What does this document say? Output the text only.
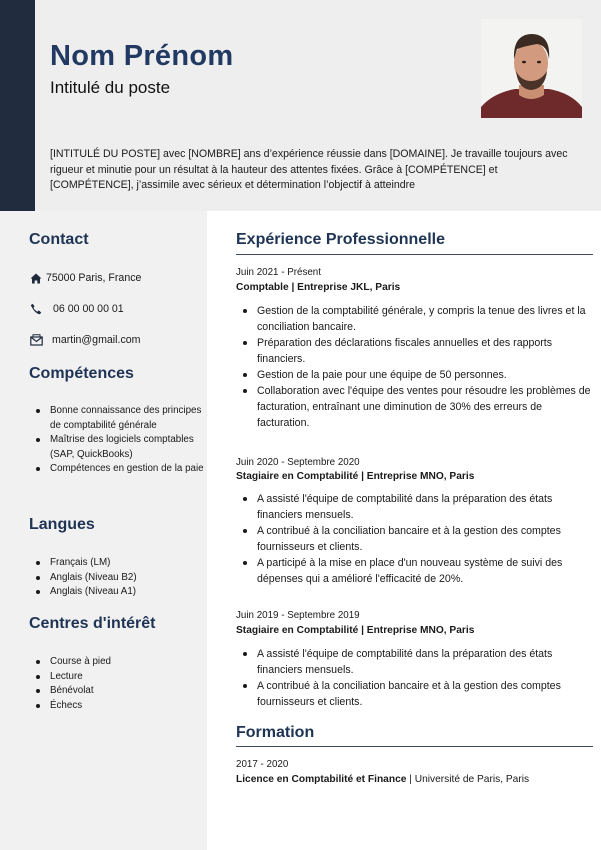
Nom Prénom
Intitulé du poste
[INTITULÉ DU POSTE] avec [NOMBRE] ans d’expérience réussie dans [DOMAINE]. Je travaille toujours avec rigueur et minutie pour un résultat à la hauteur des attentes fixées. Grâce à [COMPÉTENCE] et [COMPÉTENCE], j’assimile avec sérieux et détermination l’objectif à atteindre
Contact
75000 Paris, France
06 00 00 00 01
martin@gmail.com
Compétences
Bonne connaissance des principes de comptabilité générale
Maîtrise des logiciels comptables (SAP, QuickBooks)
Compétences en gestion de la paie
Langues
Français (LM)
Anglais (Niveau B2)
Anglais (Niveau A1)
Centres d'intérêt
Course à pied
Lecture
Bénévolat
Échecs
Expérience Professionnelle
Juin 2021 - Présent
Comptable | Entreprise JKL, Paris
Gestion de la comptabilité générale, y compris la tenue des livres et la conciliation bancaire.
Préparation des déclarations fiscales annuelles et des rapports financiers.
Gestion de la paie pour une équipe de 50 personnes.
Collaboration avec l'équipe des ventes pour résoudre les problèmes de facturation, entraînant une diminution de 30% des erreurs de facturation.
Juin 2020 - Septembre 2020
Stagiaire en Comptabilité | Entreprise MNO, Paris
A assisté l'équipe de comptabilité dans la préparation des états financiers mensuels.
A contribué à la conciliation bancaire et à la gestion des comptes fournisseurs et clients.
A participé à la mise en place d'un nouveau système de suivi des dépenses qui a amélioré l'efficacité de 20%.
Juin 2019 - Septembre 2019
Stagiaire en Comptabilité | Entreprise MNO, Paris
A assisté l'équipe de comptabilité dans la préparation des états financiers mensuels.
A contribué à la conciliation bancaire et à la gestion des comptes fournisseurs et clients.
Formation
2017 - 2020
Licence en Comptabilité et Finance | Université de Paris, Paris
